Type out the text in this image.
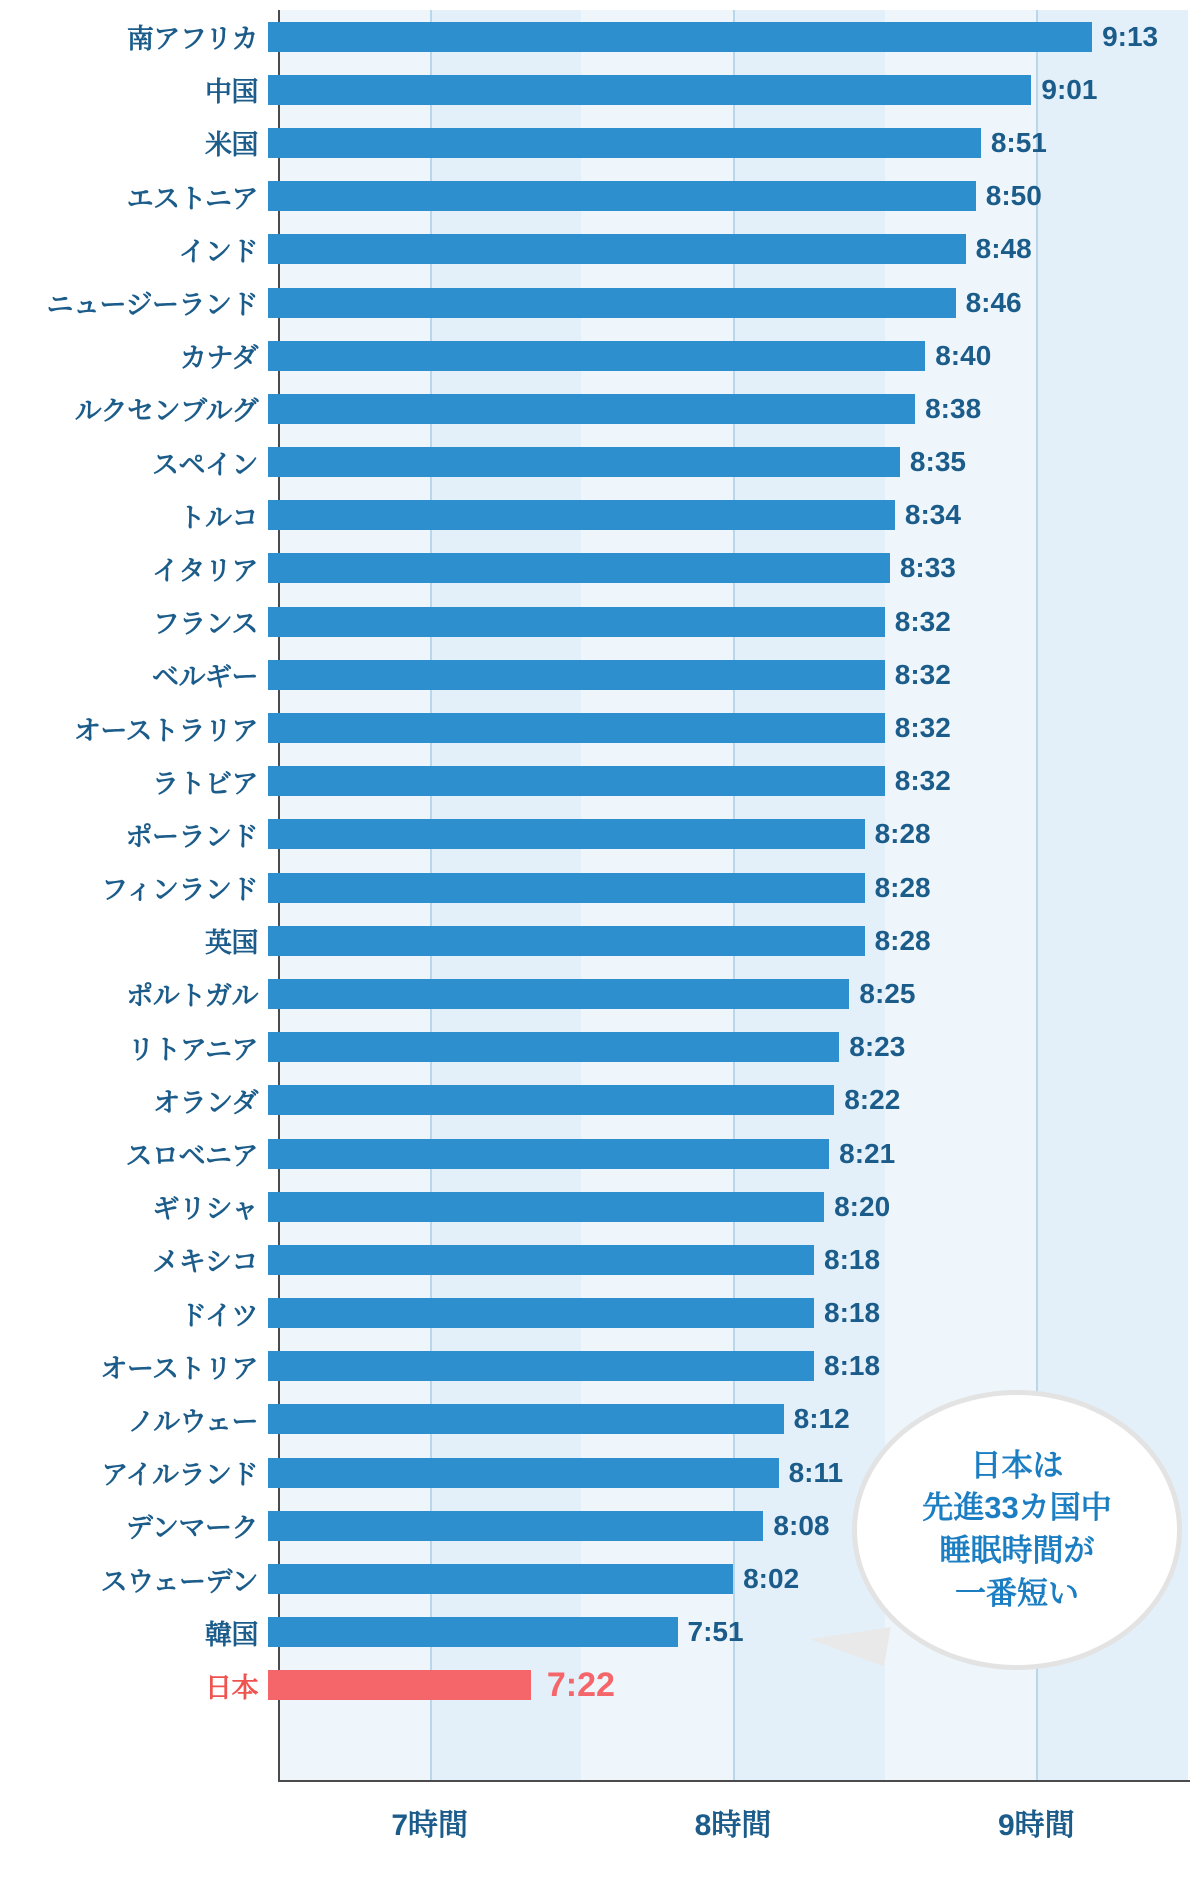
南アフリカ	9:13
中国	9:01
米国	8:51
エストニア	8:50
インド	8:48
ニュージーランド	8:46
カナダ	8:40
ルクセンブルグ	8:38
スペイン	8:35
トルコ	8:34
イタリア	8:33
フランス	8:32
ベルギー	8:32
オーストラリア	8:32
ラトビア	8:32
ポーランド	8:28
フィンランド	8:28
英国	8:28
ポルトガル	8:25
リトアニア	8:23
オランダ	8:22
スロベニア	8:21
ギリシャ	8:20
メキシコ	8:18
ドイツ	8:18
オーストリア	8:18
ノルウェー	8:12
アイルランド	8:11
デンマーク	8:08
スウェーデン	8:02
韓国	7:51
日本	7:22
7時間	8時間	9時間
日本は
先進33カ国中
睡眠時間が
一番短い
